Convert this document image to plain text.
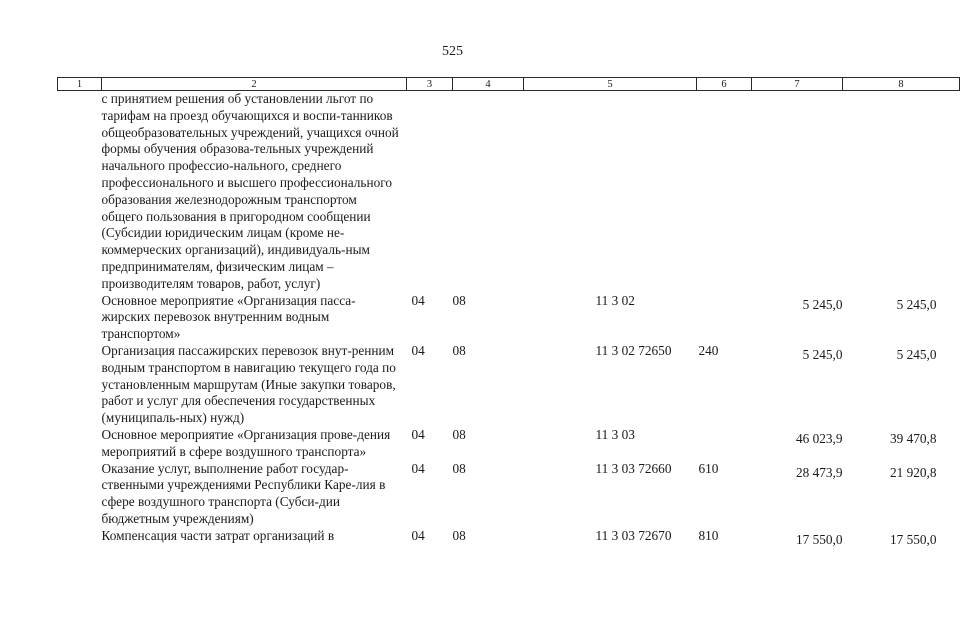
525
1	2	3	4	5	6	7	8
	с принятием решения об установлении льгот по тарифам на проезд обучающихся и воспи-танников общеобразовательных учреждений, учащихся очной формы обучения образова-тельных учреждений начального профессио-нального, среднего профессионального и высшего профессионального образования железнодорожным транспортом общего пользования в пригородном сообщении (Субсидии юридическим лицам (кроме не-коммерческих организаций), индивидуаль-ным предпринимателям, физическим лицам – производителям товаров, работ, услуг)						
	Основное мероприятие «Организация пасса-жирских перевозок внутренним водным транспортом»	04	08	11 3 02		5 245,0	5 245,0
	Организация пассажирских перевозок внут-ренним водным транспортом в навигацию текущего года по установленным маршрутам (Иные закупки товаров, работ и услуг для обеспечения государственных (муниципаль-ных) нужд)	04	08	11 3 02 72650	240	5 245,0	5 245,0
	Основное мероприятие «Организация прове-дения мероприятий в сфере воздушного транспорта»	04	08	11 3 03		46 023,9	39 470,8
	Оказание услуг, выполнение работ государ-ственными учреждениями Республики Каре-лия в сфере воздушного транспорта (Субси-дии бюджетным учреждениям)	04	08	11 3 03 72660	610	28 473,9	21 920,8
	Компенсация части затрат организаций в	04	08	11 3 03 72670	810	17 550,0	17 550,0
